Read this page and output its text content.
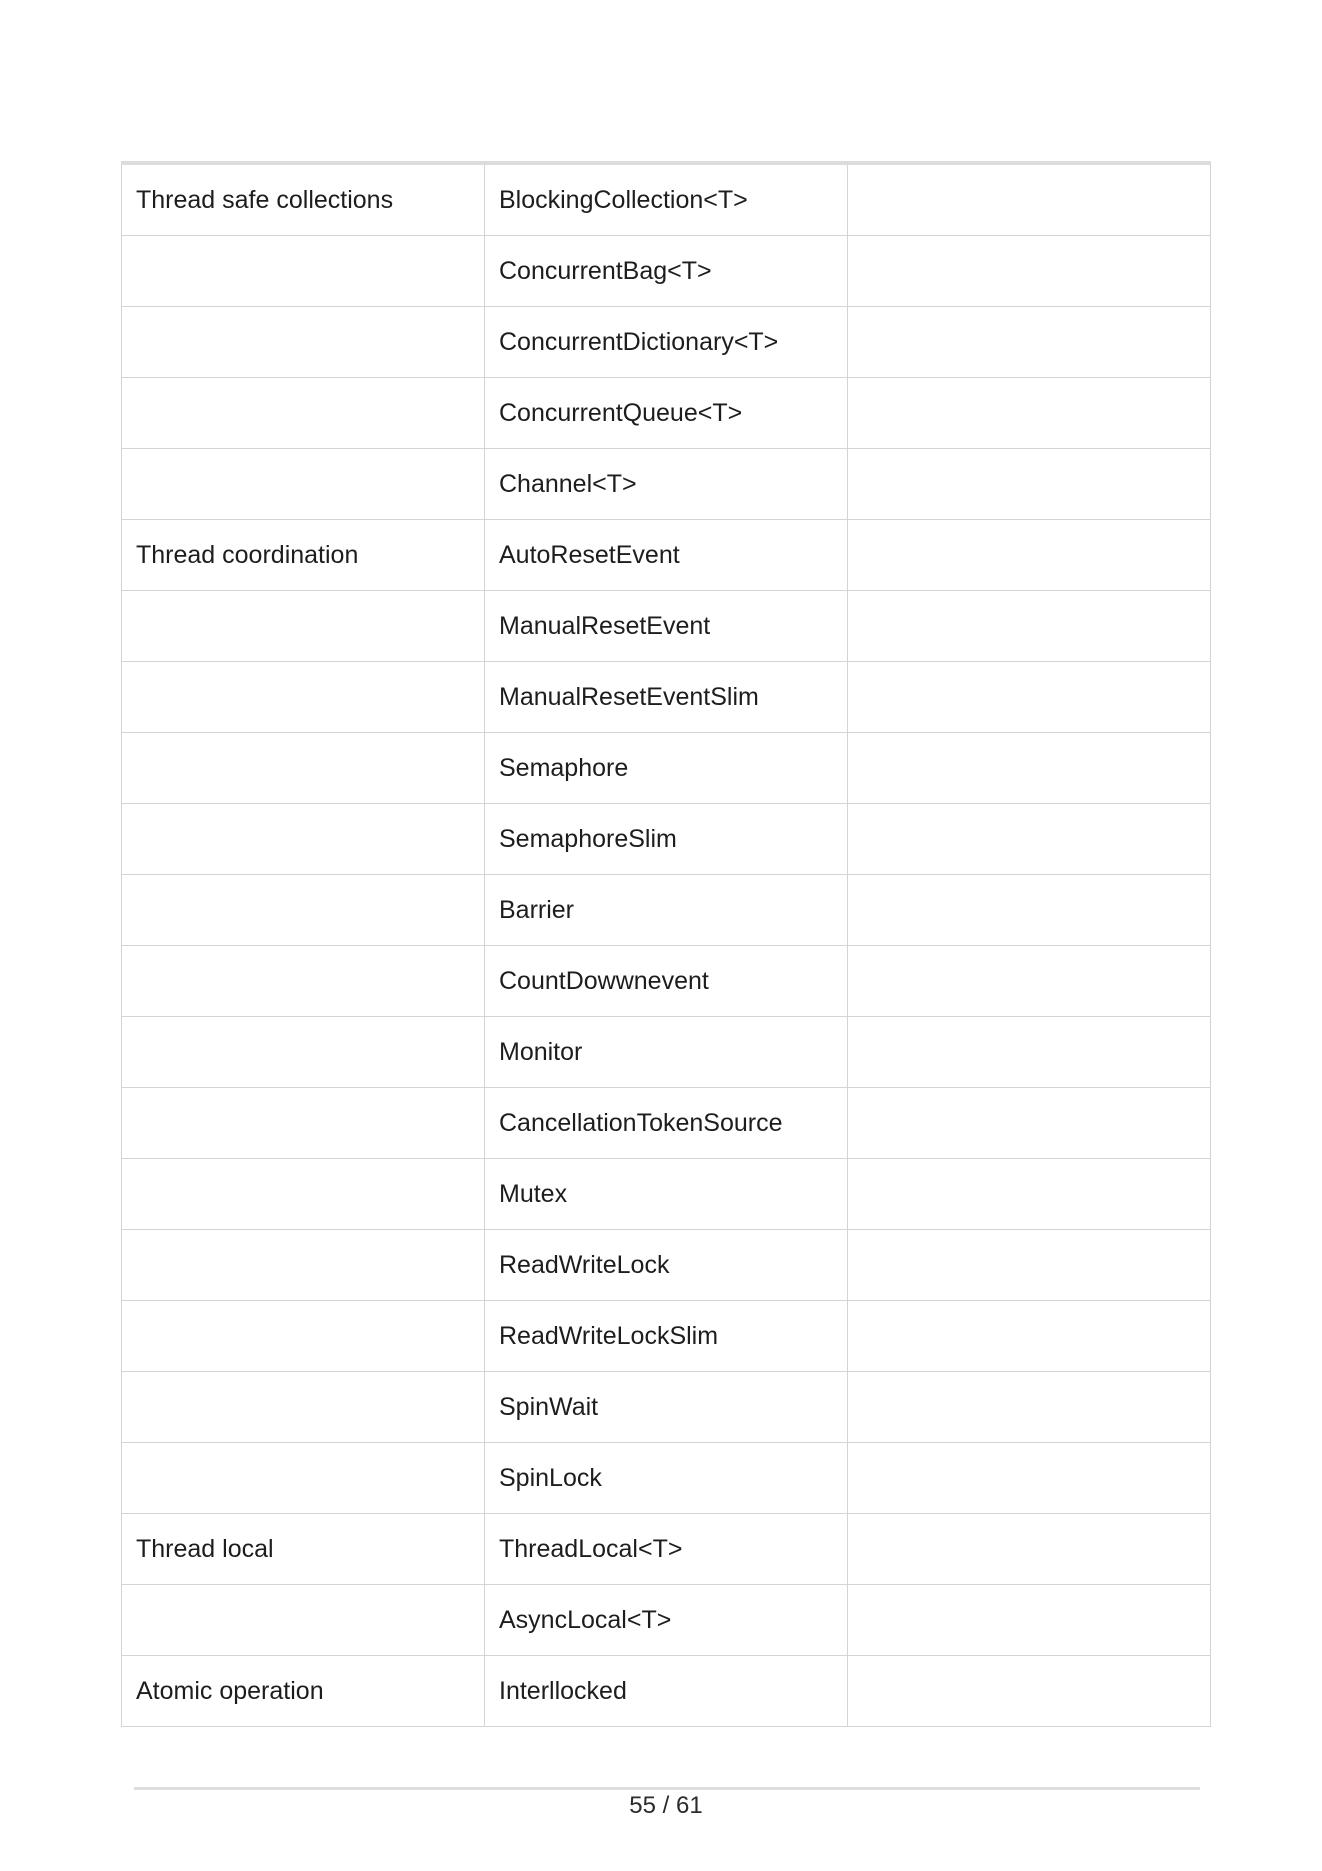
Thread safe collections	BlockingCollection<T>	
	ConcurrentBag<T>	
	ConcurrentDictionary<T>	
	ConcurrentQueue<T>	
	Channel<T>	
Thread coordination	AutoResetEvent	
	ManualResetEvent	
	ManualResetEventSlim	
	Semaphore	
	SemaphoreSlim	
	Barrier	
	CountDowwnevent	
	Monitor	
	CancellationTokenSource	
	Mutex	
	ReadWriteLock	
	ReadWriteLockSlim	
	SpinWait	
	SpinLock	
Thread local	ThreadLocal<T>	
	AsyncLocal<T>	
Atomic operation	Interllocked	
55 / 61
